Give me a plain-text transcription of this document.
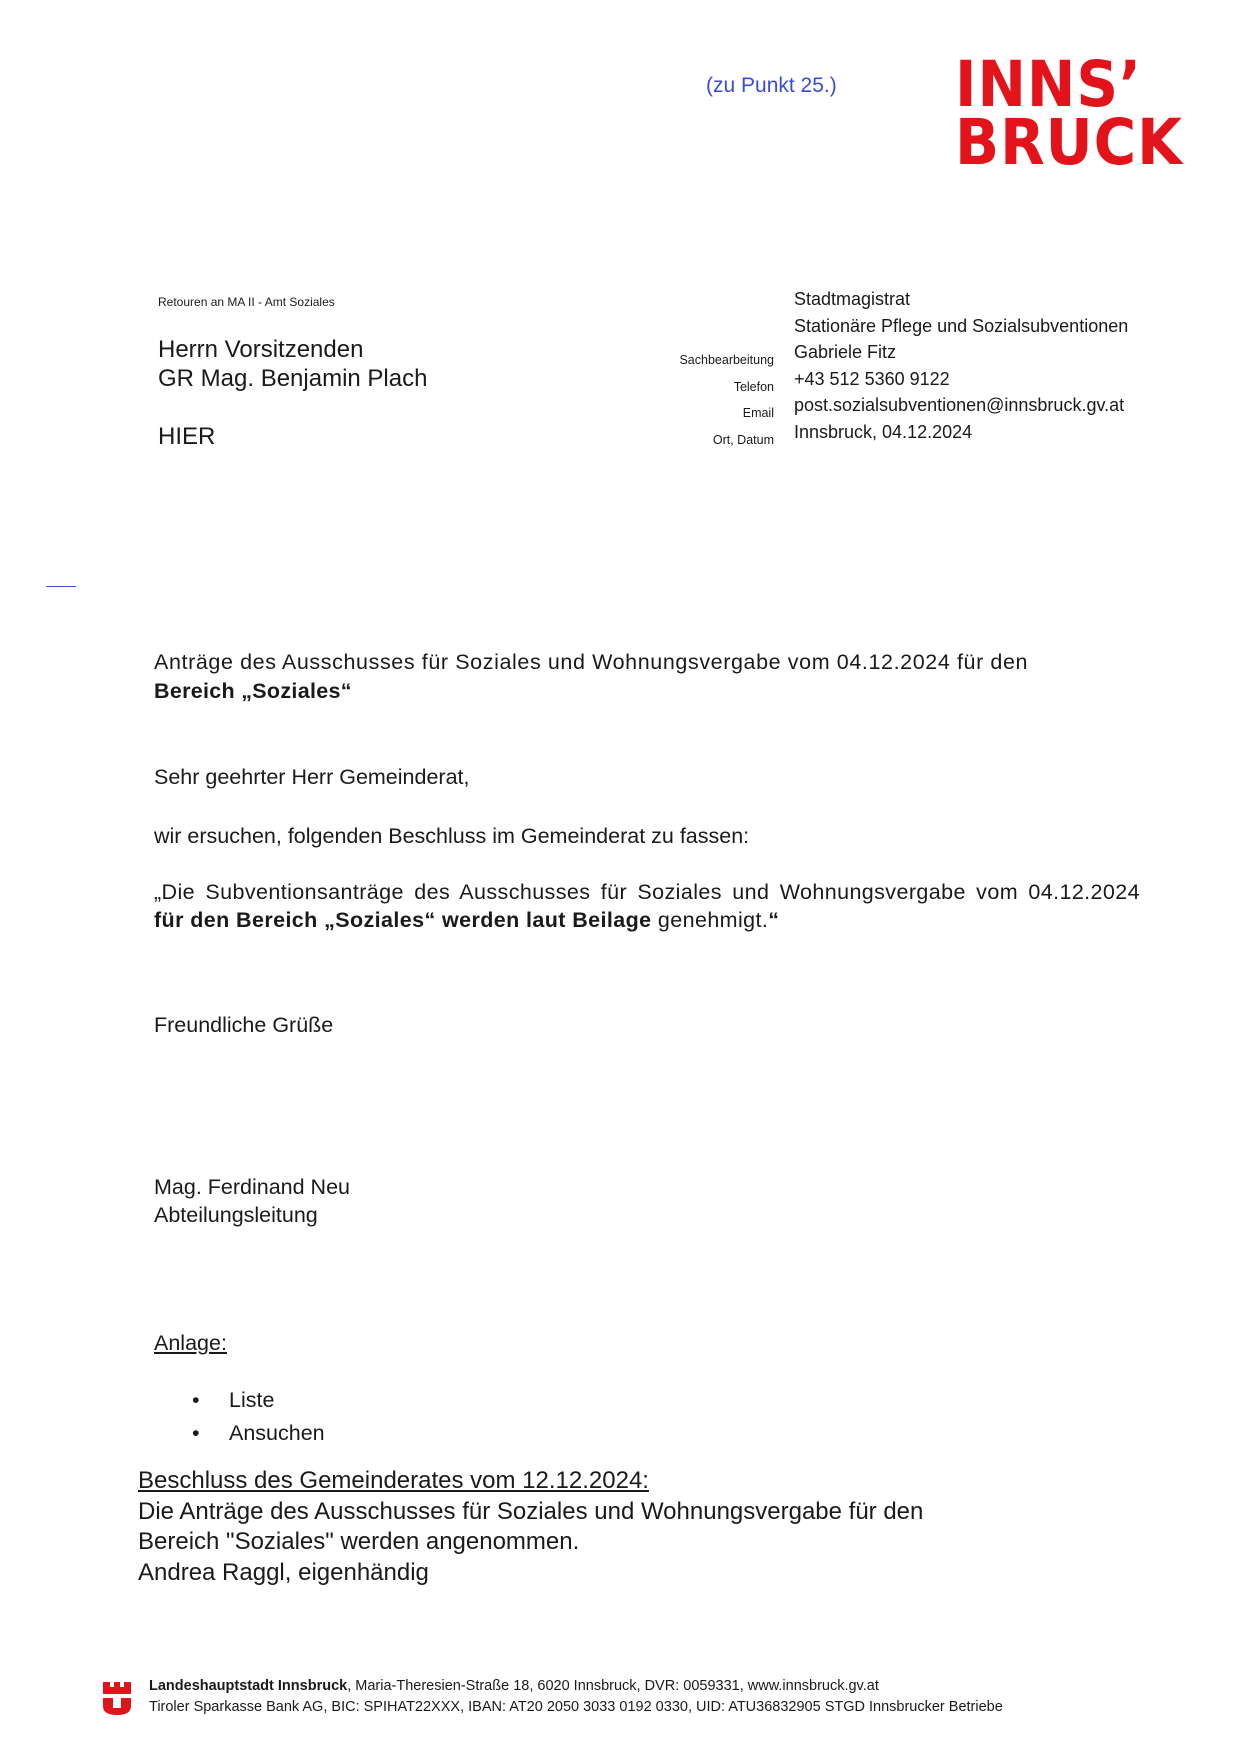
(zu Punkt 25.) INNS’
BRUCK
Retouren an MA II - Amt Soziales
Herrn Vorsitzenden
GR Mag. Benjamin Plach
HIER
Sachbearbeitung
Telefon
Email
Ort, Datum
Stadtmagistrat
Stationäre Pflege und Sozialsubventionen
Gabriele Fitz
+43 512 5360 9122
post.sozialsubventionen@innsbruck.gv.at
Innsbruck, 04.12.2024
Anträge des Ausschusses für Soziales und Wohnungsvergabe vom 04.12.2024 für den
Bereich „Soziales“
Sehr geehrter Herr Gemeinderat,
wir ersuchen, folgenden Beschluss im Gemeinderat zu fassen:
„Die Subventionsanträge des Ausschusses für Soziales und Wohnungsvergabe vom 04.12.2024 für den Bereich „Soziales“ werden laut Beilage genehmigt.“
Freundliche Grüße
Mag. Ferdinand Neu
Abteilungsleitung
Anlage:
• Liste
• Ansuchen
Beschluss des Gemeinderates vom 12.12.2024:
Die Anträge des Ausschusses für Soziales und Wohnungsvergabe für den
Bereich "Soziales" werden angenommen.
Andrea Raggl, eigenhändig
Landeshauptstadt Innsbruck, Maria-Theresien-Straße 18, 6020 Innsbruck, DVR: 0059331, www.innsbruck.gv.at
Tiroler Sparkasse Bank AG, BIC: SPIHAT22XXX, IBAN: AT20 2050 3033 0192 0330, UID: ATU36832905 STGD Innsbrucker Betriebe
